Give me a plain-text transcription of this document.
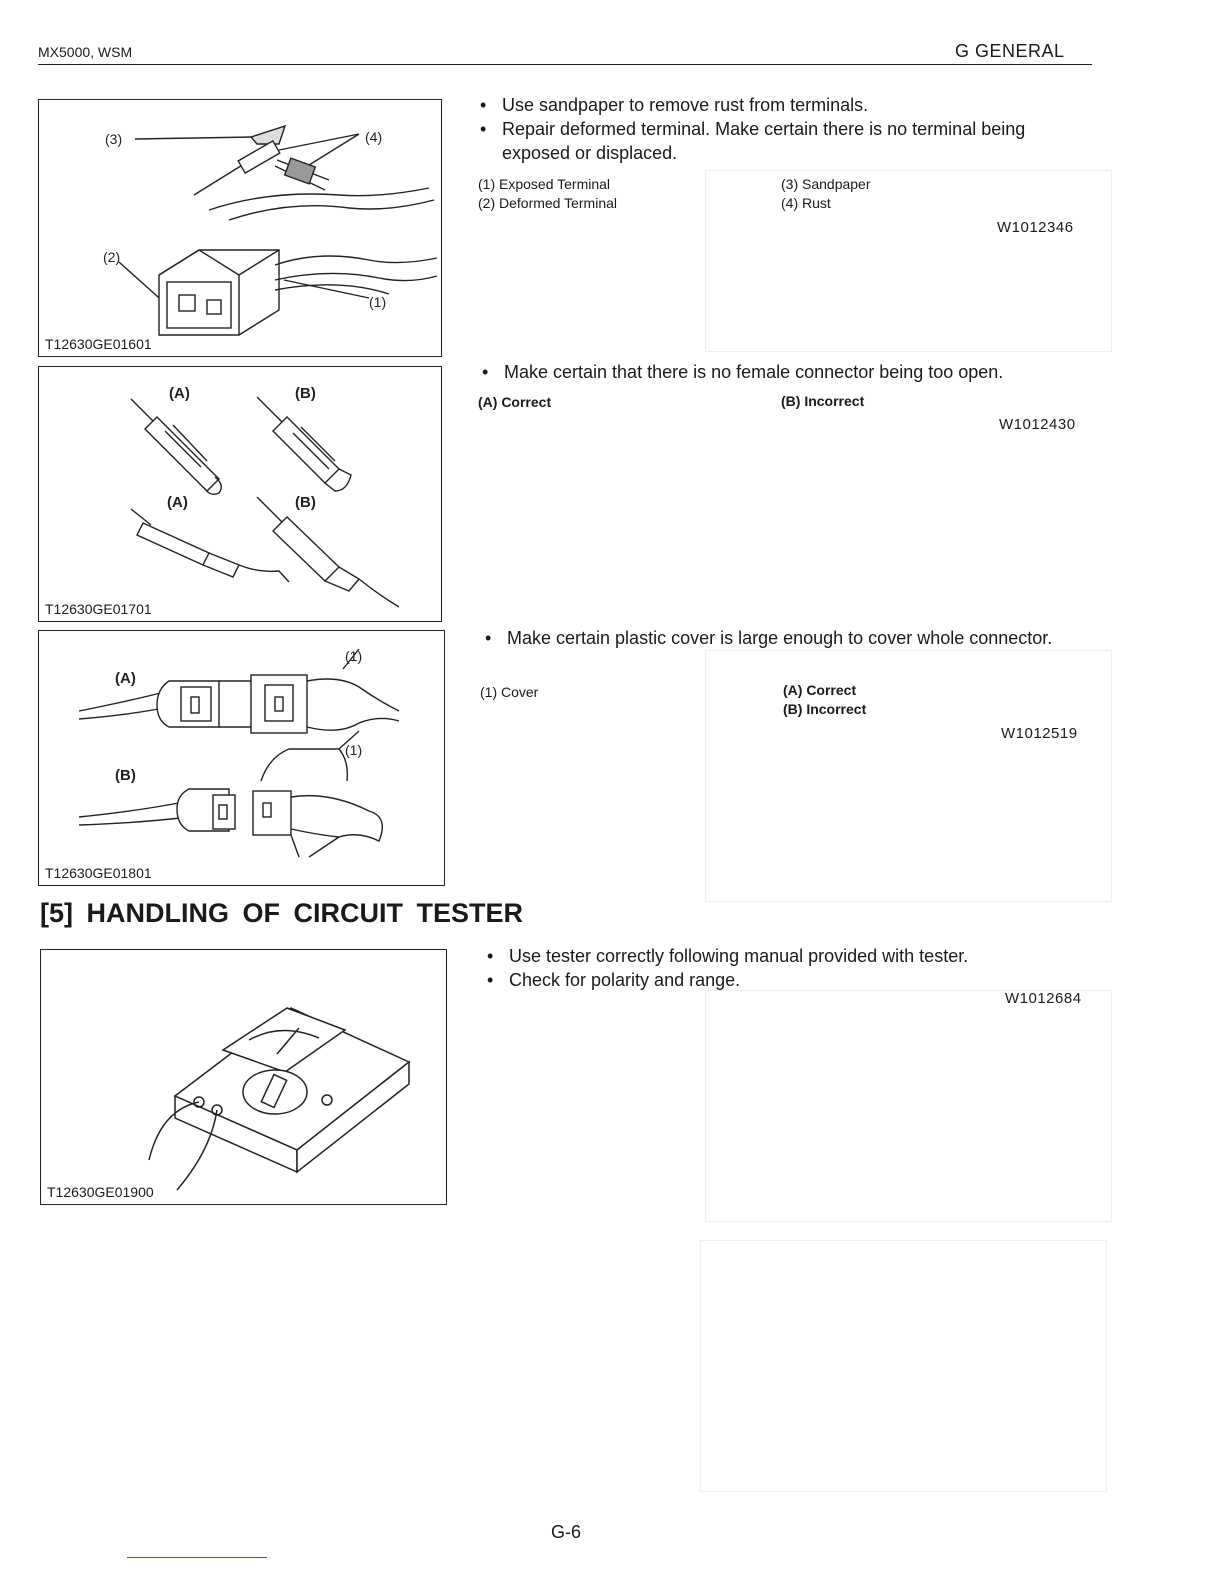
MX5000, WSM	G GENERAL
(3)	(4)
(2)
(1)
T12630GE01601
• Use sandpaper to remove rust from terminals.
• Repair deformed terminal. Make certain there is no terminal being exposed or displaced.
(1) Exposed Terminal
(2) Deformed Terminal
(3) Sandpaper
(4) Rust
W1012346
(A)	(B)
(A)	(B)
T12630GE01701
• Make certain that there is no female connector being too open.
(A) Correct	(B) Incorrect
W1012430
(A)
(B)
(1)
(1)
T12630GE01801
• Make certain plastic cover is large enough to cover whole connector.
(1) Cover	(A) Correct
(B) Incorrect
W1012519
[5] HANDLING OF CIRCUIT TESTER
T12630GE01900
• Use tester correctly following manual provided with tester.
• Check for polarity and range.
W1012684
G-6
